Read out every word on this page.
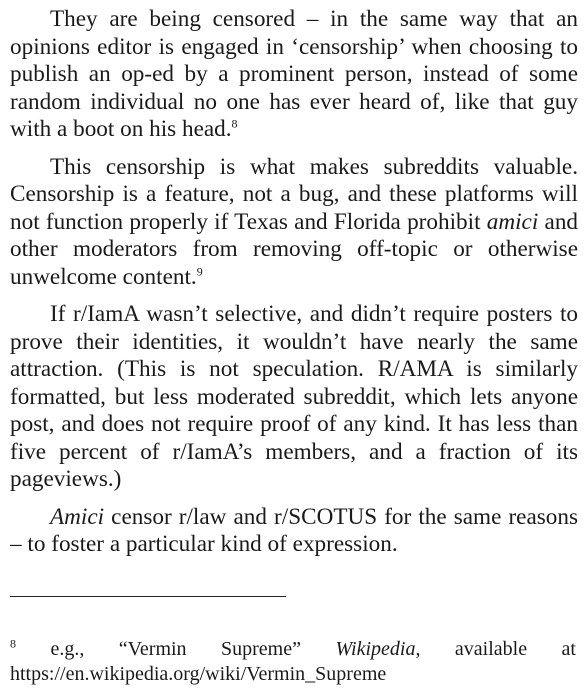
They are being censored – in the same way that an opinions editor is engaged in ‘censorship’ when choosing to publish an op-ed by a prominent person, instead of some random individual no one has ever heard of, like that guy with a boot on his head.$^8$

This censorship is what makes subreddits valuable. Censorship is a feature, not a bug, and these platforms will not function properly if Texas and Florida prohibit amici and other moderators from removing off-topic or otherwise unwelcome content.$^9$

If r/IamA wasn’t selective, and didn’t require posters to prove their identities, it wouldn’t have nearly the same attraction. (This is not speculation. R/AMA is similarly formatted, but less moderated subreddit, which lets anyone post, and does not require proof of any kind. It has less than five percent of r/IamA’s members, and a fraction of its pageviews.)

Amici censor r/law and r/SCOTUS for the same reasons – to foster a particular kind of expression.

$^8$ e.g., “Vermin Supreme” Wikipedia, available at
https://en.wikipedia.org/wiki/Vermin_Supreme
